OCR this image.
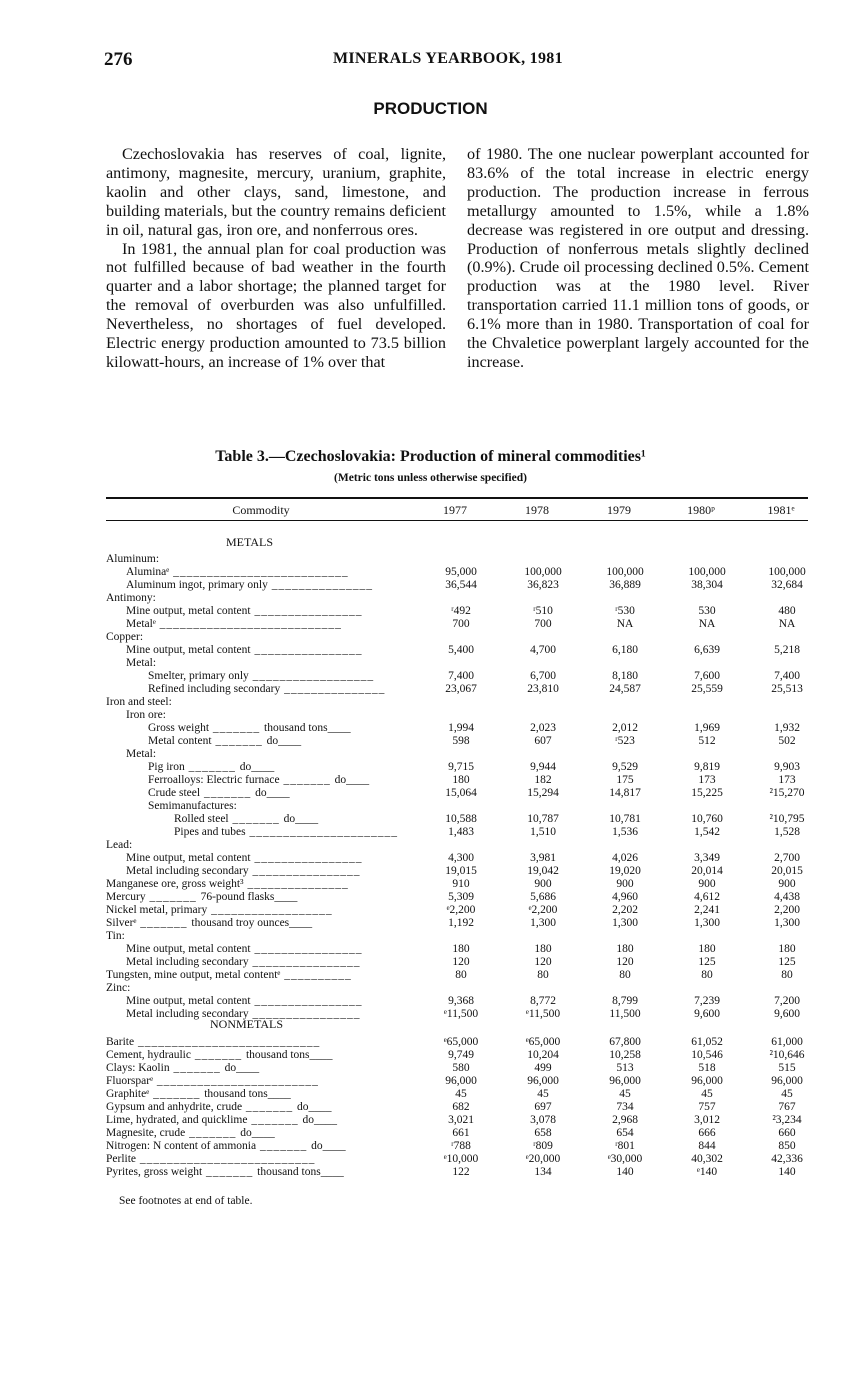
276	MINERALS YEARBOOK, 1981
PRODUCTION

Czechoslovakia has reserves of coal, lignite, antimony, magnesite, mercury, uranium, graphite, kaolin and other clays, sand, limestone, and building materials, but the country remains deficient in oil, natural gas, iron ore, and nonferrous ores.

In 1981, the annual plan for coal production was not fulfilled because of bad weather in the fourth quarter and a labor shortage; the planned target for the removal of overburden was also unfulfilled. Nevertheless, no shortages of fuel developed. Electric energy production amounted to 73.5 billion kilowatt-hours, an increase of 1% over that

of 1980. The one nuclear powerplant accounted for 83.6% of the total increase in electric energy production. The production increase in ferrous metallurgy amounted to 1.5%, while a 1.8% decrease was registered in ore output and dressing. Production of nonferrous metals slightly declined (0.9%). Crude oil processing declined 0.5%. Cement production was at the 1980 level. River transportation carried 11.1 million tons of goods, or 6.1% more than in 1980. Transportation of coal for the Chvaletice powerplant largely accounted for the increase.

Table 3.—Czechoslovakia: Production of mineral commodities¹
(Metric tons unless otherwise specified)
Commodity	1977	1978	1979	1980ᵖ	1981ᵉ
METALS
NONMETALS
Aluminum:
Aluminaᵉ __________________________	95,000	100,000	100,000	100,000	100,000
Aluminum ingot, primary only _______________	36,544	36,823	36,889	38,304	32,684
Antimony:
Mine output, metal content ________________	ʳ492	ʳ510	ʳ530	530	480
Metalᵉ ___________________________	700	700	NA	NA	NA
Copper:
Mine output, metal content ________________	5,400	4,700	6,180	6,639	5,218
Metal:
Smelter, primary only __________________	7,400	6,700	8,180	7,600	7,400
Refined including secondary _______________	23,067	23,810	24,587	25,559	25,513
Iron and steel:
Iron ore:
Gross weight _______ thousand tons____	1,994	2,023	2,012	1,969	1,932
Metal content _______ do____	598	607	ʳ523	512	502
Metal:
Pig iron _______ do____	9,715	9,944	9,529	9,819	9,903
Ferroalloys: Electric furnace _______ do____	180	182	175	173	173
Crude steel _______ do____	15,064	15,294	14,817	15,225	²15,270
Semimanufactures:
Rolled steel _______ do____	10,588	10,787	10,781	10,760	²10,795
Pipes and tubes ______________________	1,483	1,510	1,536	1,542	1,528
Lead:
Mine output, metal content ________________	4,300	3,981	4,026	3,349	2,700
Metal including secondary ________________	19,015	19,042	19,020	20,014	20,015
Manganese ore, gross weight³ _______________	910	900	900	900	900
Mercury _______ 76-pound flasks____	5,309	5,686	4,960	4,612	4,438
Nickel metal, primary __________________	ᵉ2,200	ᵉ2,200	2,202	2,241	2,200
Silverᵉ _______ thousand troy ounces____	1,192	1,300	1,300	1,300	1,300
Tin:
Mine output, metal content ________________	180	180	180	180	180
Metal including secondary ________________	120	120	120	125	125
Tungsten, mine output, metal contentᵉ __________	80	80	80	80	80
Zinc:
Mine output, metal content ________________	9,368	8,772	8,799	7,239	7,200
Metal including secondary ________________	ᵉ11,500	ᵉ11,500	11,500	9,600	9,600
Barite ___________________________	ᵉ65,000	ᵉ65,000	67,800	61,052	61,000
Cement, hydraulic _______ thousand tons____	9,749	10,204	10,258	10,546	²10,646
Clays: Kaolin _______ do____	580	499	513	518	515
Fluorsparᵉ ________________________	96,000	96,000	96,000	96,000	96,000
Graphiteᵉ _______ thousand tons____	45	45	45	45	45
Gypsum and anhydrite, crude _______ do____	682	697	734	757	767
Lime, hydrated, and quicklime _______ do____	3,021	3,078	2,968	3,012	²3,234
Magnesite, crude _______ do____	661	658	654	666	660
Nitrogen: N content of ammonia _______ do____	ʳ788	ʳ809	ʳ801	844	850
Perlite __________________________	ᵉ10,000	ᵉ20,000	ᵉ30,000	40,302	42,336
Pyrites, gross weight _______ thousand tons____	122	134	140	ᵉ140	140
See footnotes at end of table.
